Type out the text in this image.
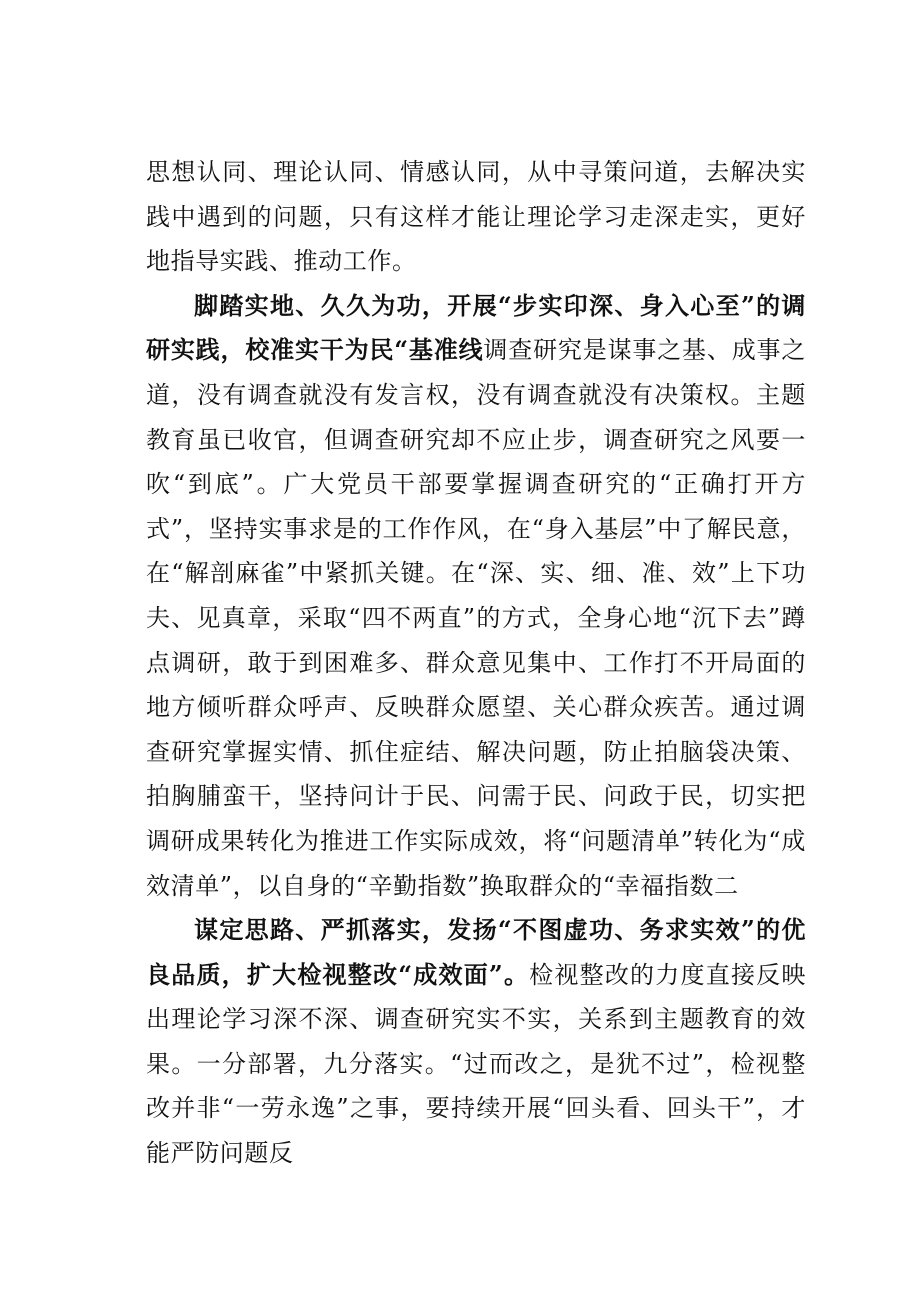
思想认同、理论认同、情感认同，从中寻策问道，去解决实践中遇到的问题，只有这样才能让理论学习走深走实，更好地指导实践、推动工作。

脚踏实地、久久为功，开展“步实印深、身入心至”的调研实践，校准实干为民“基准线调查研究是谋事之基、成事之道，没有调查就没有发言权，没有调查就没有决策权。主题教育虽已收官，但调查研究却不应止步，调查研究之风要一吹“到底”。广大党员干部要掌握调查研究的“正确打开方式”，坚持实事求是的工作作风，在“身入基层”中了解民意，在“解剖麻雀”中紧抓关键。在“深、实、细、准、效”上下功夫、见真章，采取“四不两直”的方式，全身心地“沉下去”蹲点调研，敢于到困难多、群众意见集中、工作打不开局面的地方倾听群众呼声、反映群众愿望、关心群众疾苦。通过调查研究掌握实情、抓住症结、解决问题，防止拍脑袋决策、拍胸脯蛮干，坚持问计于民、问需于民、问政于民，切实把调研成果转化为推进工作实际成效，将“问题清单”转化为“成效清单”，以自身的“辛勤指数”换取群众的“幸福指数二

谋定思路、严抓落实，发扬“不图虚功、务求实效”的优良品质，扩大检视整改“成效面”。检视整改的力度直接反映出理论学习深不深、调查研究实不实，关系到主题教育的效果。一分部署，九分落实。“过而改之，是犹不过”，检视整改并非“一劳永逸”之事，要持续开展“回头看、回头干”，才能严防问题反
